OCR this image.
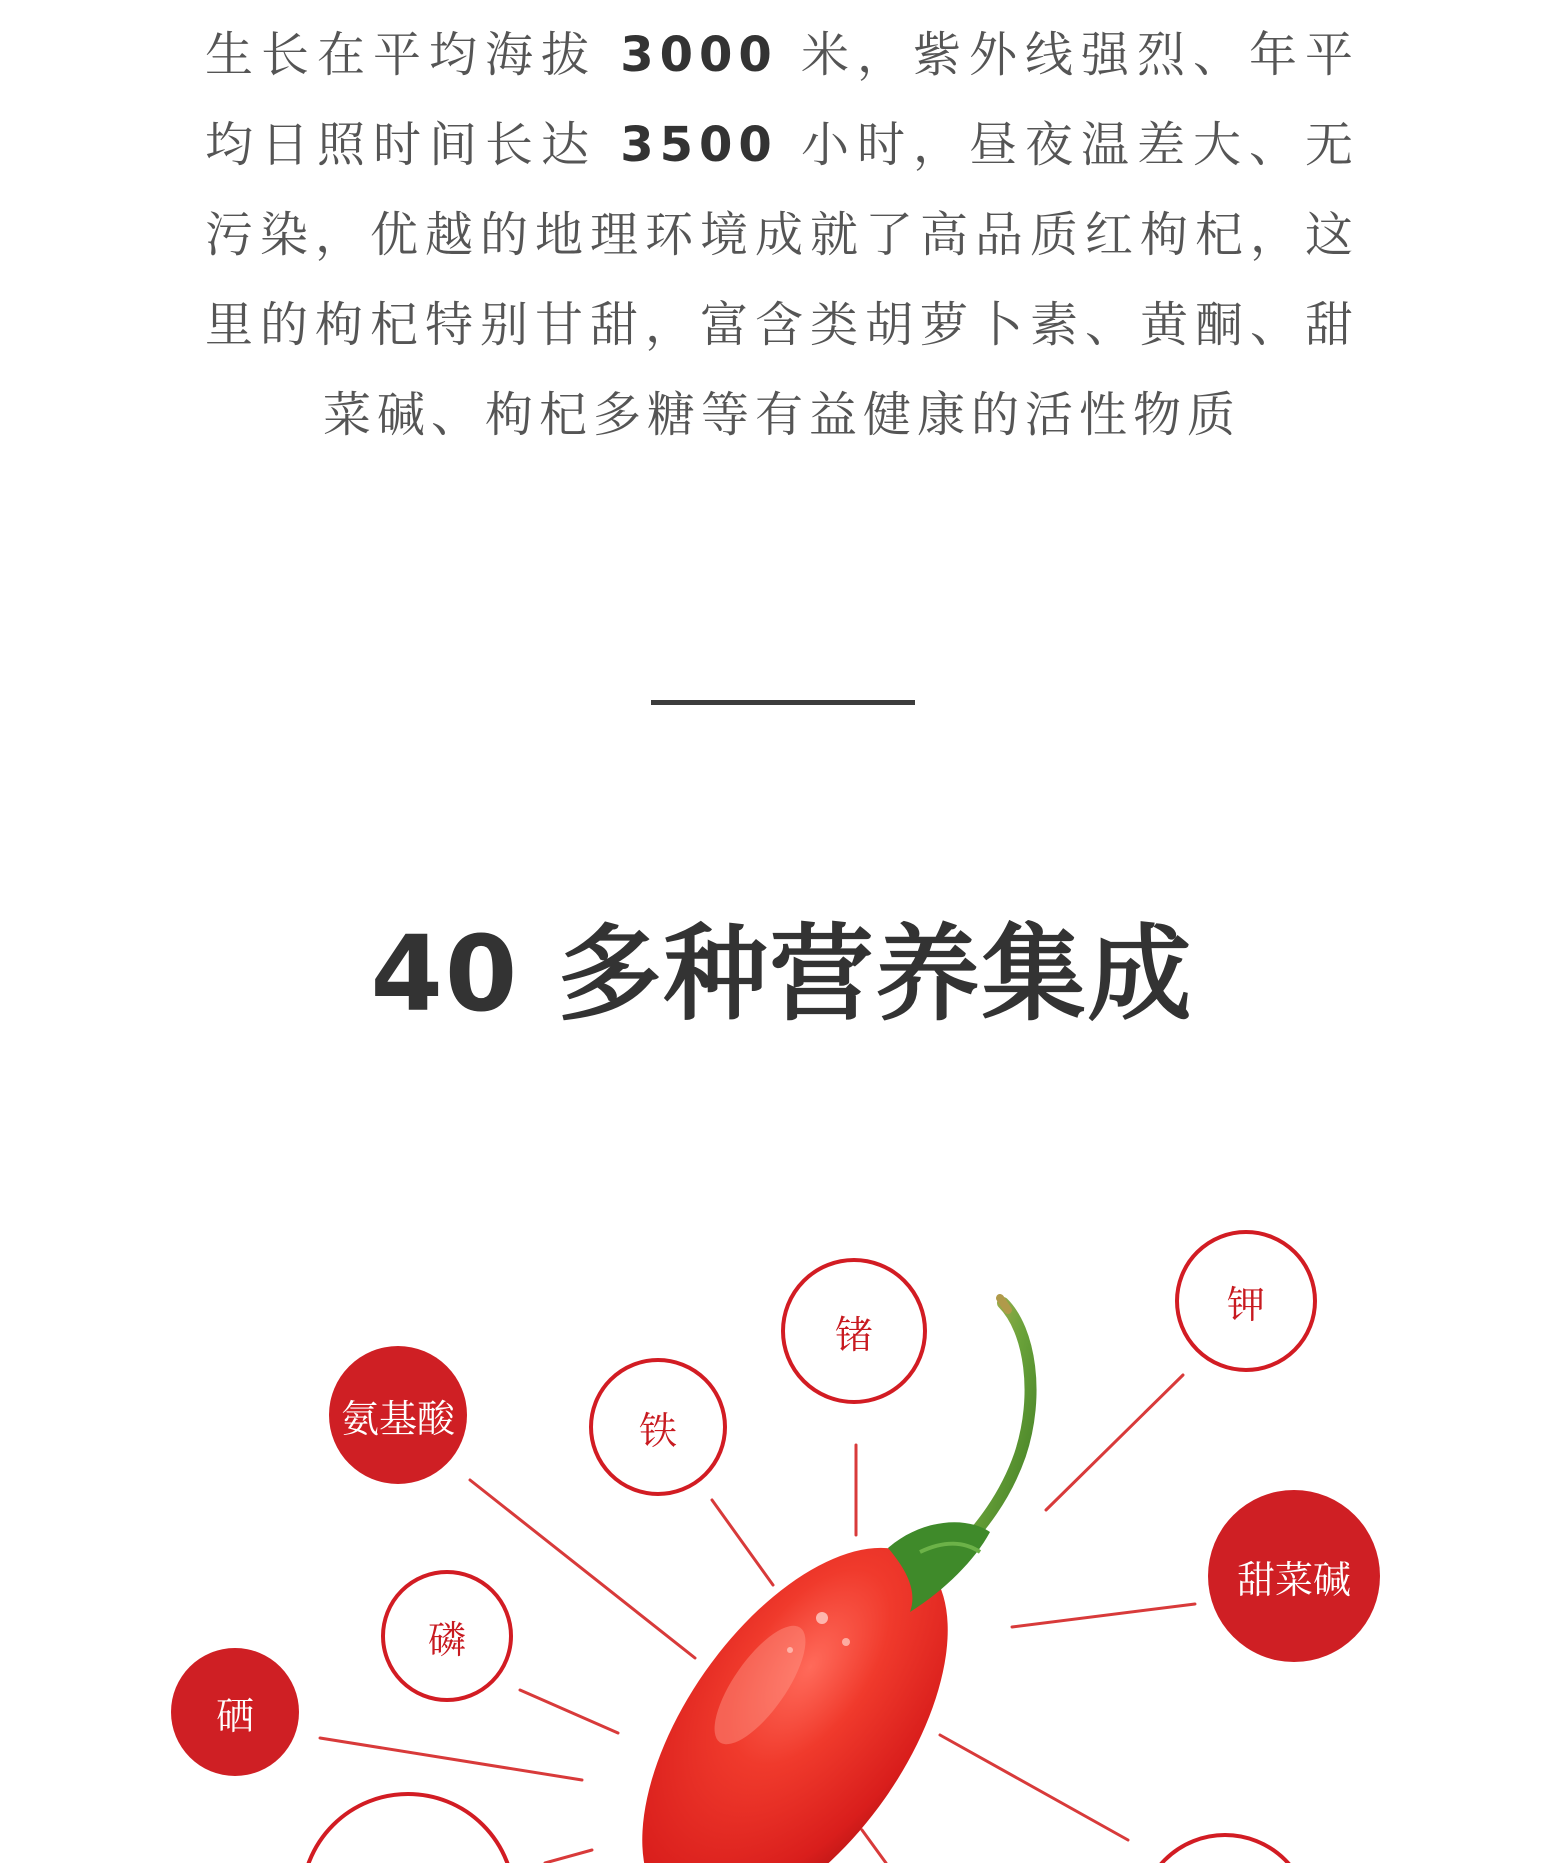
生长在平均海拔 3000 米，紫外线强烈、年平均日照时间长达 3500 小时，昼夜温差大、无污染，优越的地理环境成就了高品质红枸杞，这里的枸杞特别甘甜，富含类胡萝卜素、黄酮、甜菜碱、枸杞多糖等有益健康的活性物质
40 多种营养集成
氨基酸	铁
锗
钾
甜菜碱
磷
硒
